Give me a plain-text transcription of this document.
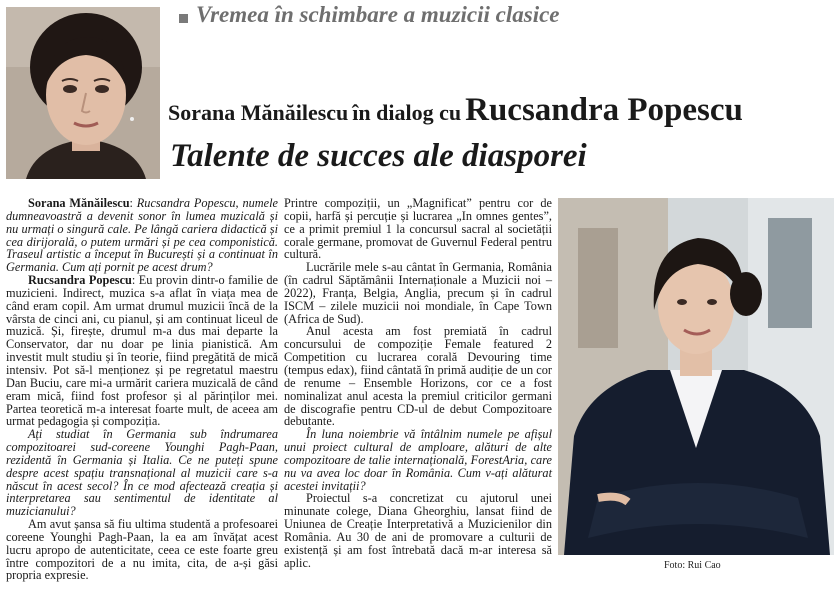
Vremea în schimbare a muzicii clasice
Sorana Mănăilescu în dialog cu Rucsandra Popescu
Talente de succes ale diasporei

Sorana Mănăilescu: Rucsandra Popescu, numele dumneavoastră a devenit sonor în lumea muzicală și nu urmați o singură cale. Pe lângă cariera didactică și cea dirijorală, o putem urmări și pe cea componistică. Traseul artistic a început în București și a continuat în Germania. Cum ați pornit pe acest drum?

Rucsandra Popescu: Eu provin dintr-o familie de muzicieni. Indirect, muzica s-a aflat în viața mea de când eram copil. Am urmat drumul muzicii încă de la vârsta de cinci ani, cu pianul, și am continuat liceul de muzică. Și, firește, drumul m-a dus mai departe la Conservator, dar nu doar pe linia pianistică. Am investit mult studiu și în teorie, fiind pregătită de mică intensiv. Pot să-l menționez și pe regretatul maestru Dan Buciu, care mi-a urmărit cariera muzicală de când eram mică, fiind fost profesor și al părinților mei. Partea teoretică m-a interesat foarte mult, de aceea am urmat pedagogia și compoziția.

Ați studiat în Germania sub îndrumarea compozitoarei sud-coreene Younghi Pagh-Paan, rezidentă în Germania și Italia. Ce ne puteți spune despre acest spațiu transnațional al muzicii care s-a născut în acest secol? În ce mod afectează creația și interpretarea sau sentimentul de identitate al muzicianului?

Am avut șansa să fiu ultima studentă a profesoarei coreene Younghi Pagh-Paan, la ea am învățat acest lucru apropo de autenticitate, ceea ce este foarte greu între compozitori de a nu imita, cita, de a-și găsi propria expresie.

Printre compoziții, un „Magnificat” pentru cor de copii, harfă și percuție și lucrarea „In omnes gentes”, ce a primit premiul 1 la concursul sacral al societății corale germane, promovat de Guvernul Federal pentru cultură.

Lucrările mele s-au cântat în Germania, România (în cadrul Săptămânii Internaționale a Muzicii noi – 2022), Franța, Belgia, Anglia, precum și în cadrul ISCM – zilele muzicii noi mondiale, în Cape Town (Africa de Sud).

Anul acesta am fost premiată în cadrul concursului de compoziție Female featured 2 Competition cu lucrarea corală Devouring time (tempus edax), fiind cântată în primă audiție de un cor de renume – Ensemble Horizons, cor ce a fost nominalizat anul acesta la premiul criticilor germani de discografie pentru CD-ul de debut Compozitoare debutante.

În luna noiembrie vă întâlnim numele pe afișul unui proiect cultural de amploare, alături de alte compozitoare de talie internațională, ForestAria, care nu va avea loc doar în România. Cum v-ați alăturat acestei invitații?

Proiectul s-a concretizat cu ajutorul unei minunate colege, Diana Gheorghiu, lansat fiind de Uniunea de Creație Interpretativă a Muzicienilor din România. Au 30 de ani de promovare a culturii de existență și am fost întrebată dacă m-ar interesa să aplic.	Foto: Rui Cao
